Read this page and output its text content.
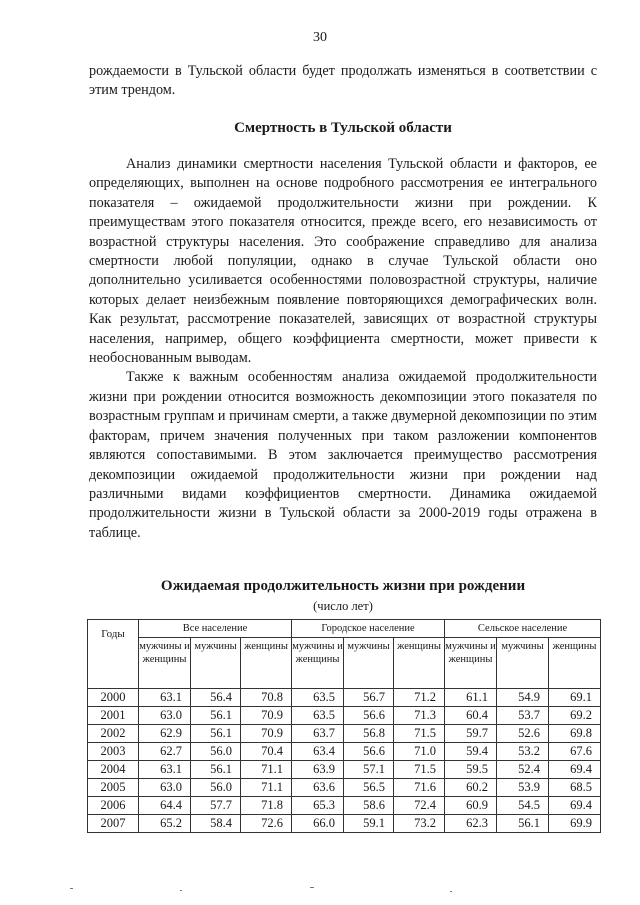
30

рождаемости в Тульской области будет продолжать изменяться в соответствии с этим трендом.

Смертность в Тульской области

Анализ динамики смертности населения Тульской области и факторов, ее определяющих, выполнен на основе подробного рассмотрения ее интегрального показателя – ожидаемой продолжительности жизни при рождении. К преимуществам этого показателя относится, прежде всего, его независимость от возрастной структуры населения. Это соображение справедливо для анализа смертности любой популяции, однако в случае Тульской области оно дополнительно усиливается особенностями половозрастной структуры, наличие которых делает неизбежным появление повторяющихся демографических волн. Как результат, рассмотрение показателей, зависящих от возрастной структуры населения, например, общего коэффициента смертности, может привести к необоснованным выводам.

Также к важным особенностям анализа ожидаемой продолжительности жизни при рождении относится возможность декомпозиции этого показателя по возрастным группам и причинам смерти, а также двумерной декомпозиции по этим факторам, причем значения полученных при таком разложении компонентов являются сопоставимыми. В этом заключается преимущество рассмотрения декомпозиции ожидаемой продолжительности жизни при рождении над различными видами коэффициентов смертности. Динамика ожидаемой продолжительности жизни в Тульской области за 2000-2019 годы отражена в таблице.

Ожидаемая продолжительность жизни при рождении
(число лет)
Годы	Все население			Городское население			Сельское население		
	мужчины и женщины	мужчины	женщины	мужчины и женщины	мужчины	женщины	мужчины и женщины	мужчины	женщины
2000	63.1	56.4	70.8	63.5	56.7	71.2	61.1	54.9	69.1
2001	63.0	56.1	70.9	63.5	56.6	71.3	60.4	53.7	69.2
2002	62.9	56.1	70.9	63.7	56.8	71.5	59.7	52.6	69.8
2003	62.7	56.0	70.4	63.4	56.6	71.0	59.4	53.2	67.6
2004	63.1	56.1	71.1	63.9	57.1	71.5	59.5	52.4	69.4
2005	63.0	56.0	71.1	63.6	56.5	71.6	60.2	53.9	68.5
2006	64.4	57.7	71.8	65.3	58.6	72.4	60.9	54.5	69.4
2007	65.2	58.4	72.6	66.0	59.1	73.2	62.3	56.1	69.9
